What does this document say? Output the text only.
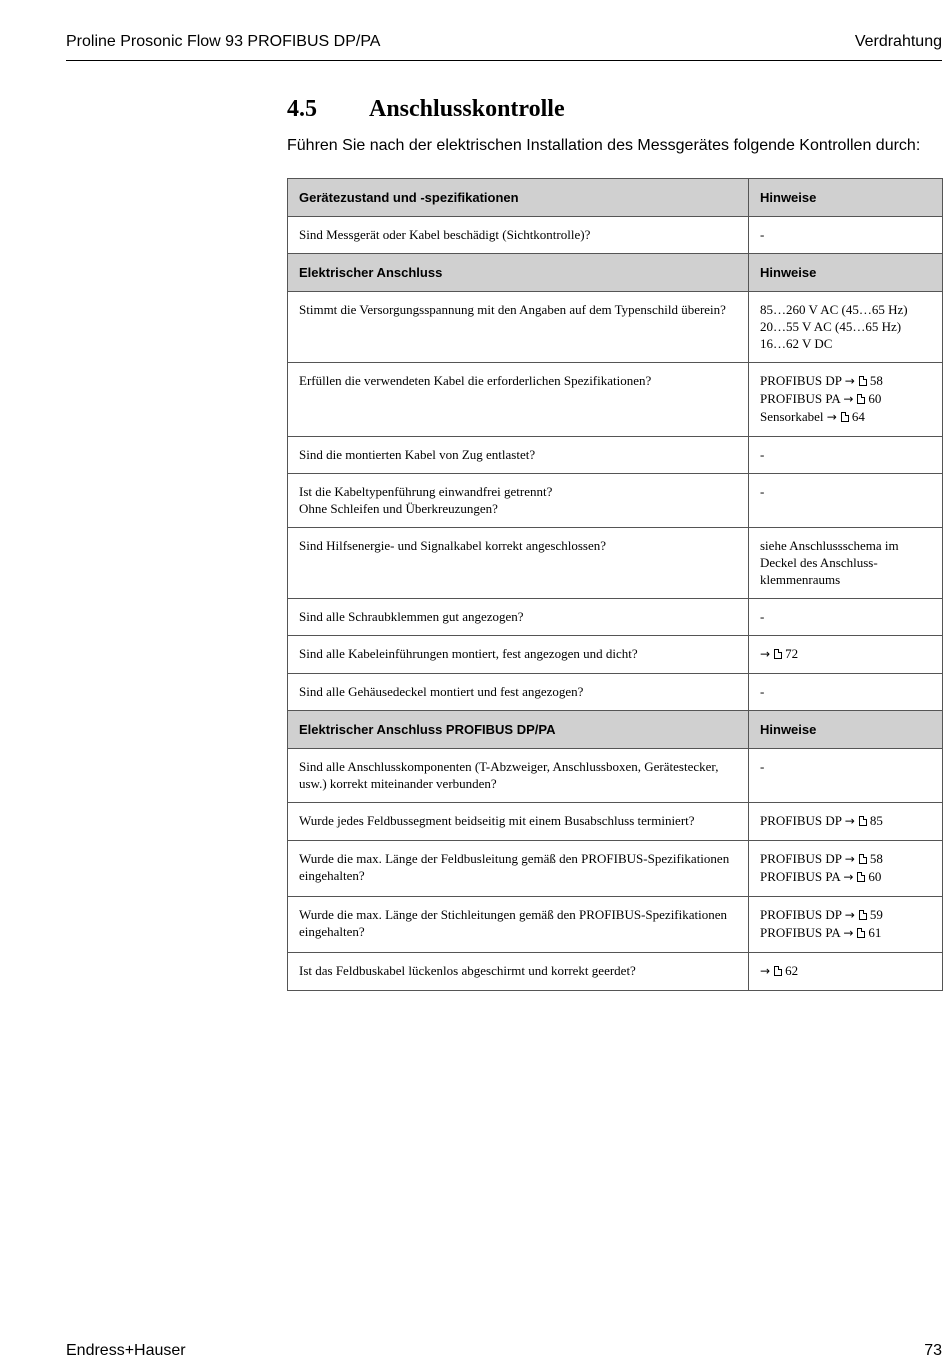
Proline Prosonic Flow 93 PROFIBUS DP/PA	Verdrahtung
4.5 Anschlusskontrolle
Führen Sie nach der elektrischen Installation des Messgerätes folgende Kontrollen durch:
Gerätezustand und -spezifikationen	Hinweise

Sind Messgerät oder Kabel beschädigt (Sichtkontrolle)?	-

Elektrischer Anschluss	Hinweise

Stimmt die Versorgungsspannung mit den Angaben auf dem Typenschild überein?	85…260 V AC (45…65 Hz)
20…55 V AC (45…65 Hz)
16…62 V DC

Erfüllen die verwendeten Kabel die erforderlichen Spezifikationen?	PROFIBUS DP → 58
PROFIBUS PA → 60
Sensorkabel → 64

Sind die montierten Kabel von Zug entlastet?	-

Ist die Kabeltypenführung einwandfrei getrennt?
Ohne Schleifen und Überkreuzungen?	-

Sind Hilfsenergie- und Signalkabel korrekt angeschlossen?	siehe Anschlussschema im
Deckel des Anschluss-
klemmenraums

Sind alle Schraubklemmen gut angezogen?	-

Sind alle Kabeleinführungen montiert, fest angezogen und dicht?	→ 72

Sind alle Gehäusedeckel montiert und fest angezogen?	-

Elektrischer Anschluss PROFIBUS DP/PA	Hinweise

Sind alle Anschlusskomponenten (T-Abzweiger, Anschlussboxen, Gerätestecker,
usw.) korrekt miteinander verbunden?	-

Wurde jedes Feldbussegment beidseitig mit einem Busabschluss terminiert?	PROFIBUS DP → 85

Wurde die max. Länge der Feldbusleitung gemäß den PROFIBUS-Spezifikationen
eingehalten?	PROFIBUS DP → 58
PROFIBUS PA → 60

Wurde die max. Länge der Stichleitungen gemäß den PROFIBUS-Spezifikationen
eingehalten?	PROFIBUS DP → 59
PROFIBUS PA → 61

Ist das Feldbuskabel lückenlos abgeschirmt und korrekt geerdet?	→ 62
Endress+Hauser	73
